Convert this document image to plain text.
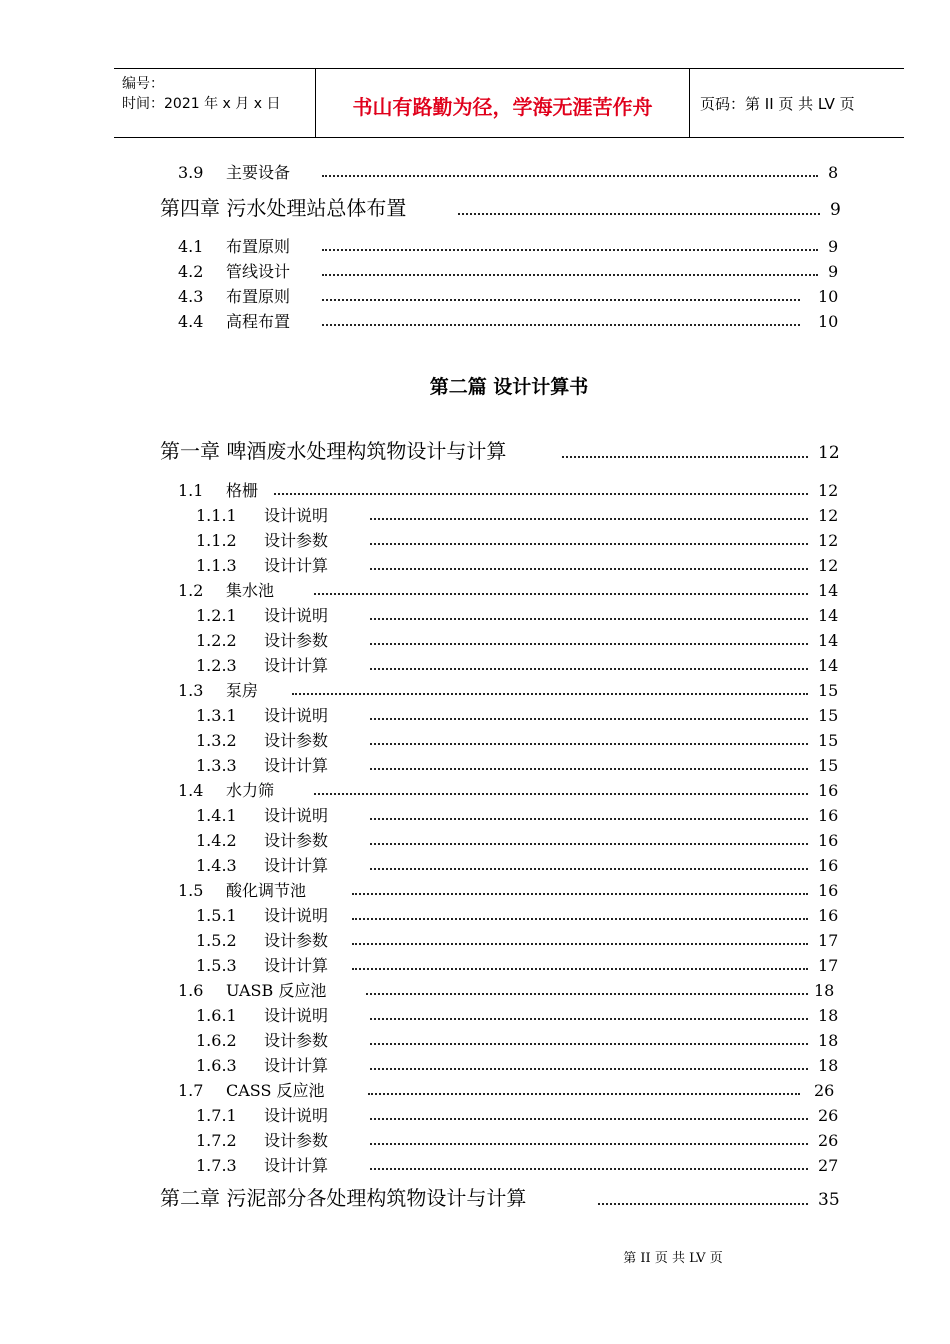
编号：
时间：2021 年 x 月 x 日	书山有路勤为径，学海无涯苦作舟	页码：第 II 页 共 LV 页
3.9 主要设备	8
第四章 污水处理站总体布置	9
4.1 布置原则	9
4.2 管线设计	9
4.3 布置原则	10
4.4 高程布置	10
第一章 啤酒废水处理构筑物设计与计算	12
1.1 格栅	12
1.1.1 设计说明	12
1.1.2 设计参数	12
1.1.3 设计计算	12
1.2 集水池	14
1.2.1 设计说明	14
1.2.2 设计参数	14
1.2.3 设计计算	14
1.3 泵房	15
1.3.1 设计说明	15
1.3.2 设计参数	15
1.3.3 设计计算	15
1.4 水力筛	16
1.4.1 设计说明	16
1.4.2 设计参数	16
1.4.3 设计计算	16
1.5 酸化调节池	16
1.5.1 设计说明	16
1.5.2 设计参数	17
1.5.3 设计计算	17
1.6 UASB 反应池	18
1.6.1 设计说明	18
1.6.2 设计参数	18
1.6.3 设计计算	18
1.7 CASS 反应池	26
1.7.1 设计说明	26
1.7.2 设计参数	26
1.7.3 设计计算	27
第二章 污泥部分各处理构筑物设计与计算	35
第二篇 设计计算书
第 II 页 共 LV 页
